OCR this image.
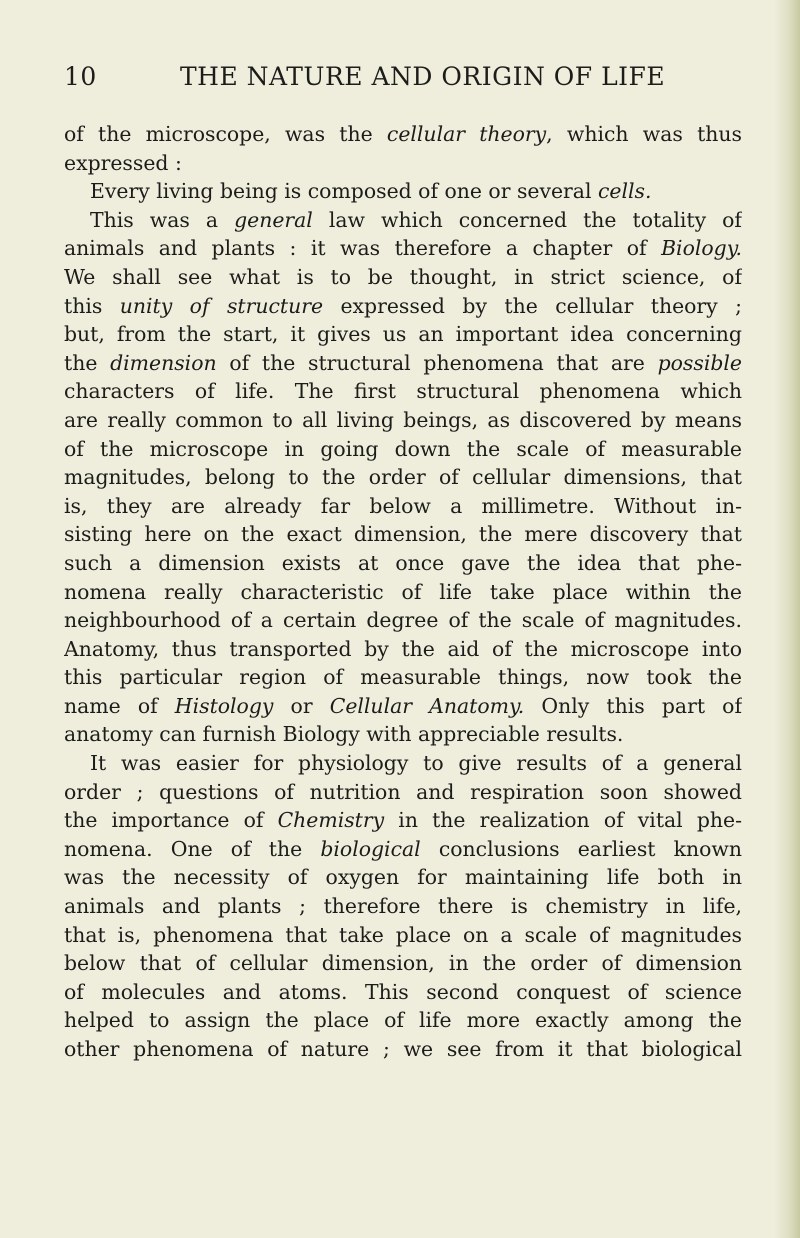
10	THE NATURE AND ORIGIN OF LIFE
of the microscope, was the cellular theory, which was thus
expressed :
Every living being is composed of one or several cells.
This was a general law which concerned the totality of
animals and plants : it was therefore a chapter of Biology.
We shall see what is to be thought, in strict science, of
this unity of structure expressed by the cellular theory ;
but, from the start, it gives us an important idea concerning
the dimension of the structural phenomena that are possible
characters of life. The first structural phenomena which
are really common to all living beings, as discovered by means
of the microscope in going down the scale of measurable
magnitudes, belong to the order of cellular dimensions, that
is, they are already far below a millimetre. Without in-
sisting here on the exact dimension, the mere discovery that
such a dimension exists at once gave the idea that phe-
nomena really characteristic of life take place within the
neighbourhood of a certain degree of the scale of magnitudes.
Anatomy, thus transported by the aid of the microscope into
this particular region of measurable things, now took the
name of Histology or Cellular Anatomy. Only this part of
anatomy can furnish Biology with appreciable results.
It was easier for physiology to give results of a general
order ; questions of nutrition and respiration soon showed
the importance of Chemistry in the realization of vital phe-
nomena. One of the biological conclusions earliest known
was the necessity of oxygen for maintaining life both in
animals and plants ; therefore there is chemistry in life,
that is, phenomena that take place on a scale of magnitudes
below that of cellular dimension, in the order of dimension
of molecules and atoms. This second conquest of science
helped to assign the place of life more exactly among the
other phenomena of nature ; we see from it that biological
